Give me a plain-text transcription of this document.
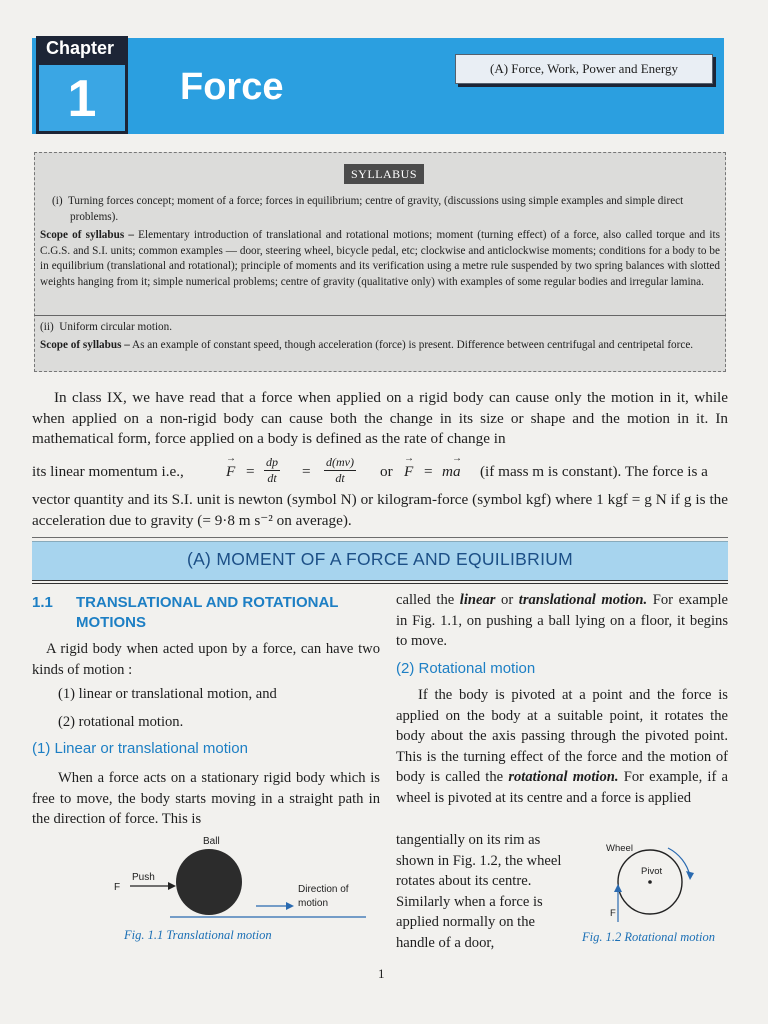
Chapter
1	Force	(A) Force, Work, Power and Energy
SYLLABUS
(i) Turning forces concept; moment of a force; forces in equilibrium; centre of gravity, (discussions using simple examples and simple direct problems).
Scope of syllabus – Elementary introduction of translational and rotational motions; moment (turning effect) of a force, also called torque and its C.G.S. and S.I. units; common examples — door, steering wheel, bicycle pedal, etc; clockwise and anticlockwise moments; conditions for a body to be in equilibrium (translational and rotational); principle of moments and its verification using a metre rule suspended by two spring balances with slotted weights hanging from it; simple numerical problems; centre of gravity (qualitative only) with examples of some regular bodies and irregular lamina.
(ii) Uniform circular motion.
Scope of syllabus – As an example of constant speed, though acceleration (force) is present. Difference between centrifugal and centripetal force.
In class IX, we have read that a force when applied on a rigid body can cause only the motion in it, while when applied on a non-rigid body can cause both the change in its size or shape and the motion in it. In mathematical form, force applied on a body is defined as the rate of change in
its linear momentum i.e.,	F
→
= $\frac{dp}{dt} = \frac{d(mv)}{dt}$ or F
→
= ma
→
(if mass m is constant). The force is a
vector quantity and its S.I. unit is newton (symbol N) or kilogram-force (symbol kgf) where 1 kgf = g N if g is the acceleration due to gravity (= 9·8 m s⁻² on average).
(A) MOMENT OF A FORCE AND EQUILIBRIUM
1.1 TRANSLATIONAL AND ROTATIONAL
MOTIONS
A rigid body when acted upon by a force, can have two kinds of motion :
(1) linear or translational motion, and
(2) rotational motion.
(1) Linear or translational motion
When a force acts on a stationary rigid body which is free to move, the body starts moving in a straight path in the direction of force. This is
Ball
Push
F	Direction of
motion
Fig. 1.1 Translational motion
called the linear or translational motion. For example in Fig. 1.1, on pushing a ball lying on a floor, it begins to move.
(2) Rotational motion
If the body is pivoted at a point and the force is applied on the body at a suitable point, it rotates the body about the axis passing through the pivoted point. This is the turning effect of the force and the motion of body is called the rotational motion. For example, if a wheel is pivoted at its centre and a force is applied
tangentially on its rim as shown in Fig. 1.2, the wheel rotates about its centre. Similarly when a force is applied normally on the handle of a door,
Wheel
Pivot
F
Fig. 1.2 Rotational motion
1
